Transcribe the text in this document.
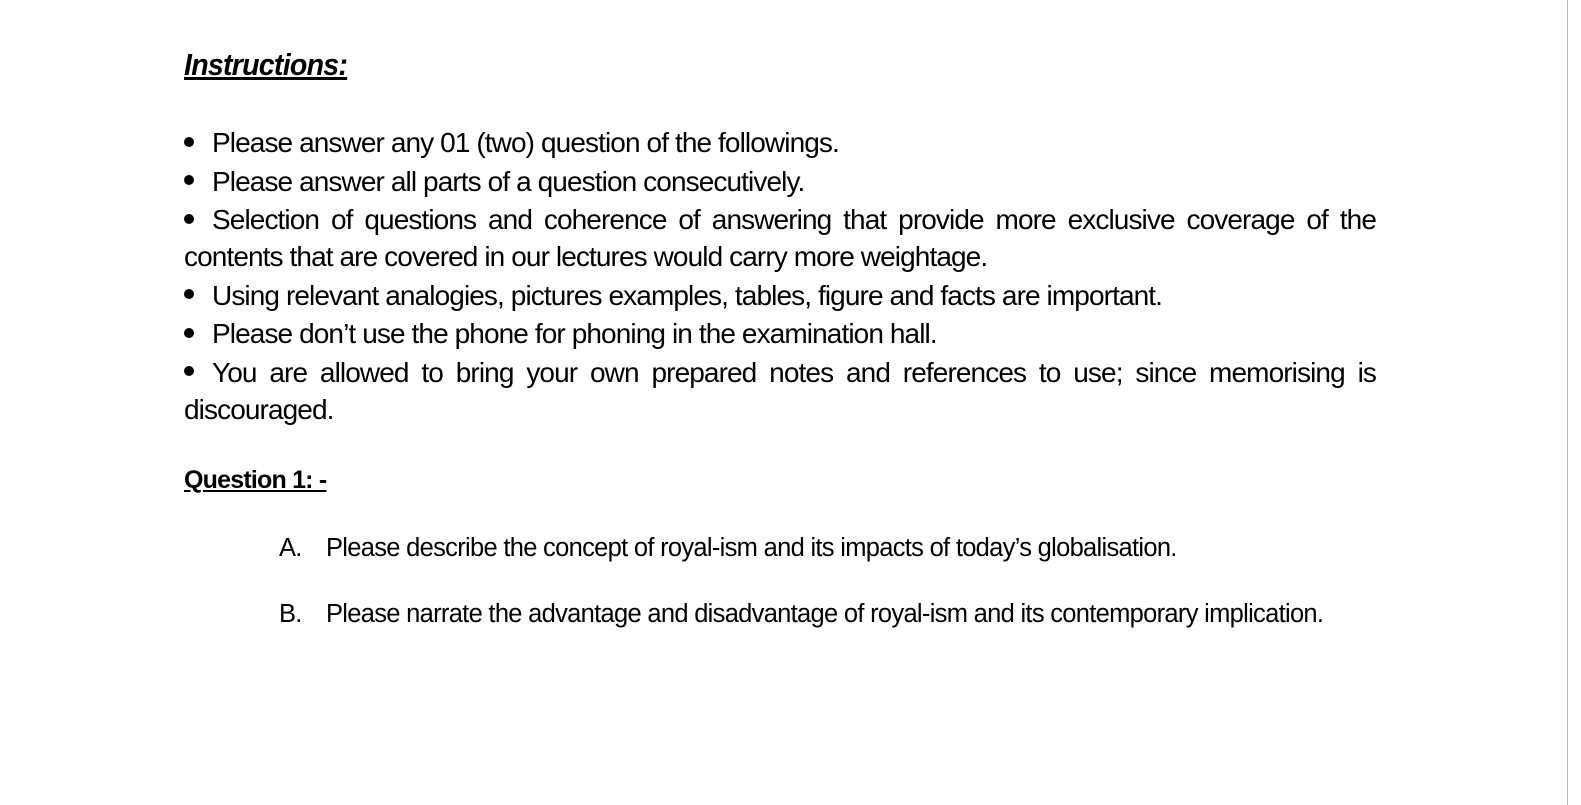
Instructions:
Please answer any 01 (two) question of the followings.
Please answer all parts of a question consecutively.
Selection of questions and coherence of answering that provide more exclusive coverage of the contents that are covered in our lectures would carry more weightage.
Using relevant analogies, pictures examples, tables, figure and facts are important.
Please don’t use the phone for phoning in the examination hall.
You are allowed to bring your own prepared notes and references to use; since memorising is discouraged.
Question 1: -
A. Please describe the concept of royal-ism and its impacts of today’s globalisation.
B. Please narrate the advantage and disadvantage of royal-ism and its contemporary implication.
